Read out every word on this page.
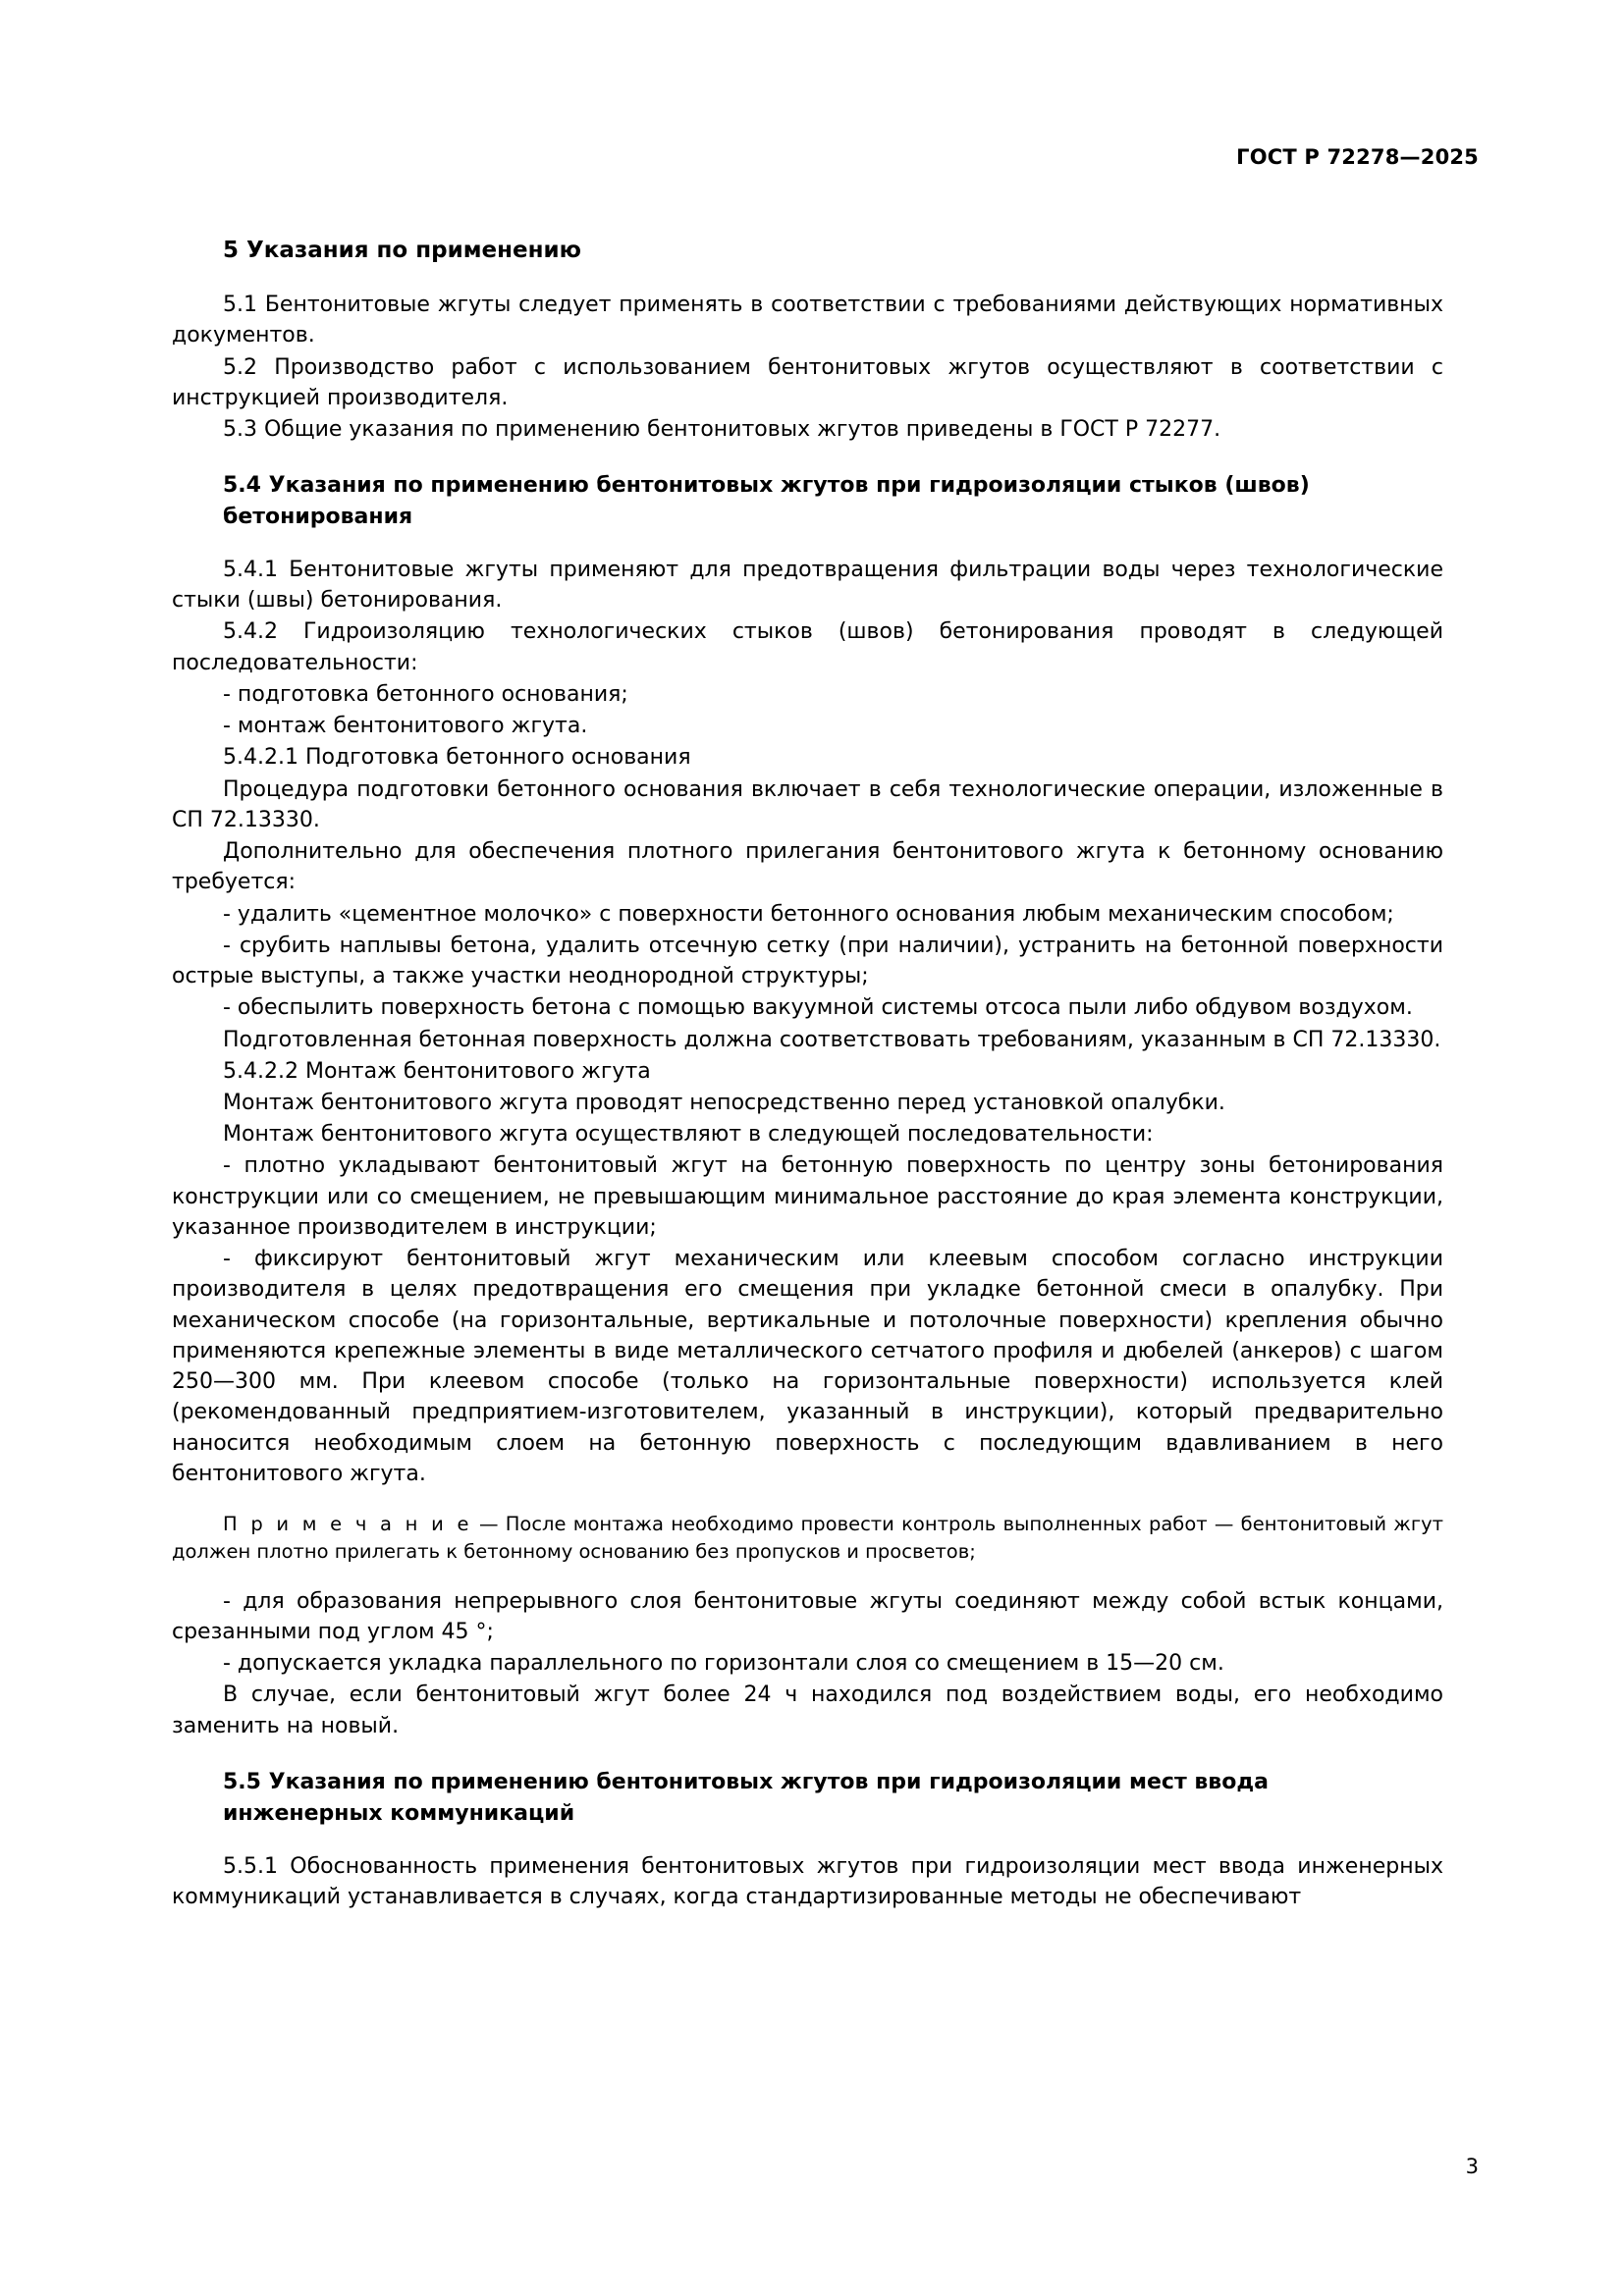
ГОСТ Р 72278—2025
5 Указания по применению

5.1 Бентонитовые жгуты следует применять в соответствии с требованиями действующих нормативных документов.

5.2 Производство работ с использованием бентонитовых жгутов осуществляют в соответствии с инструкцией производителя.

5.3 Общие указания по применению бентонитовых жгутов приведены в ГОСТ Р 72277.

5.4 Указания по применению бентонитовых жгутов при гидроизоляции стыков (швов)
бетонирования

5.4.1 Бентонитовые жгуты применяют для предотвращения фильтрации воды через технологические стыки (швы) бетонирования.

5.4.2 Гидроизоляцию технологических стыков (швов) бетонирования проводят в следующей последовательности:

- подготовка бетонного основания;

- монтаж бентонитового жгута.

5.4.2.1 Подготовка бетонного основания

Процедура подготовки бетонного основания включает в себя технологические операции, изложенные в СП 72.13330.

Дополнительно для обеспечения плотного прилегания бентонитового жгута к бетонному основанию требуется:

- удалить «цементное молочко» с поверхности бетонного основания любым механическим способом;

- срубить наплывы бетона, удалить отсечную сетку (при наличии), устранить на бетонной поверхности острые выступы, а также участки неоднородной структуры;

- обеспылить поверхность бетона с помощью вакуумной системы отсоса пыли либо обдувом воздухом.

Подготовленная бетонная поверхность должна соответствовать требованиям, указанным в СП 72.13330.

5.4.2.2 Монтаж бентонитового жгута

Монтаж бентонитового жгута проводят непосредственно перед установкой опалубки.

Монтаж бентонитового жгута осуществляют в следующей последовательности:

- плотно укладывают бентонитовый жгут на бетонную поверхность по центру зоны бетонирования конструкции или со смещением, не превышающим минимальное расстояние до края элемента конструкции, указанное производителем в инструкции;

- фиксируют бентонитовый жгут механическим или клеевым способом согласно инструкции производителя в целях предотвращения его смещения при укладке бетонной смеси в опалубку. При механическом способе (на горизонтальные, вертикальные и потолочные поверхности) крепления обычно применяются крепежные элементы в виде металлического сетчатого профиля и дюбелей (анкеров) с шагом 250—300 мм. При клеевом способе (только на горизонтальные поверхности) используется клей (рекомендованный предприятием-изготовителем, указанный в инструкции), который предварительно наносится необходимым слоем на бетонную поверхность с последующим вдавливанием в него бентонитового жгута.

П р и м е ч а н и е — После монтажа необходимо провести контроль выполненных работ — бентонитовый жгут должен плотно прилегать к бетонному основанию без пропусков и просветов;

- для образования непрерывного слоя бентонитовые жгуты соединяют между собой встык концами, срезанными под углом 45 °;

- допускается укладка параллельного по горизонтали слоя со смещением в 15—20 см.

В случае, если бентонитовый жгут более 24 ч находился под воздействием воды, его необходимо заменить на новый.

5.5 Указания по применению бентонитовых жгутов при гидроизоляции мест ввода
инженерных коммуникаций

5.5.1 Обоснованность применения бентонитовых жгутов при гидроизоляции мест ввода инженерных коммуникаций устанавливается в случаях, когда стандартизированные методы не обеспечивают

3
